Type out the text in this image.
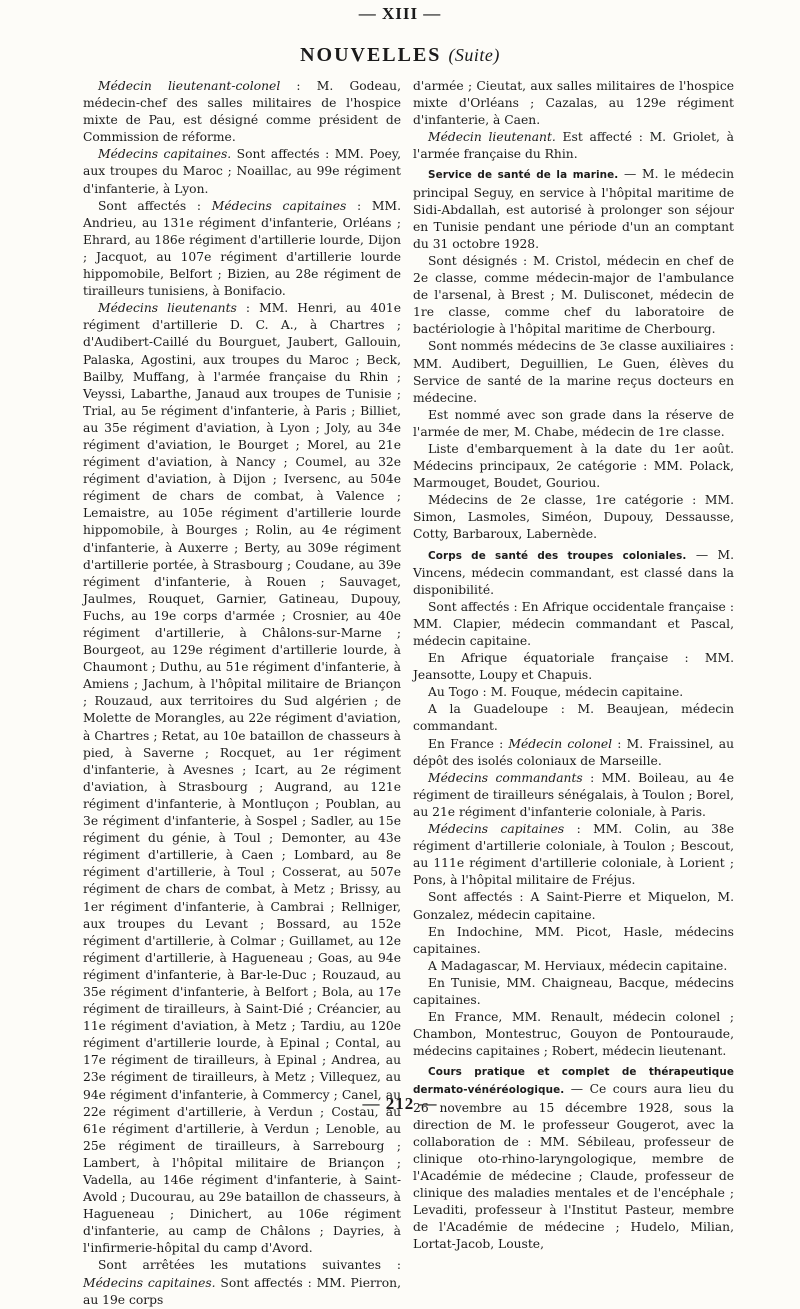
— XIII —
NOUVELLES (Suite)

Médecin lieutenant-colonel : M. Godeau, médecin-chef des salles militaires de l'hospice mixte de Pau, est désigné comme président de Commission de réforme.

Médecins capitaines. Sont affectés : MM. Poey, aux troupes du Maroc ; Noaillac, au 99e régiment d'infanterie, à Lyon.

Sont affectés : Médecins capitaines : MM. Andrieu, au 131e régiment d'infanterie, Orléans ; Ehrard, au 186e régiment d'artillerie lourde, Dijon ; Jacquot, au 107e régiment d'artillerie lourde hippomobile, Belfort ; Bizien, au 28e régiment de tirailleurs tunisiens, à Bonifacio.

Médecins lieutenants : MM. Henri, au 401e régiment d'artillerie D. C. A., à Chartres ; d'Audibert-Caillé du Bourguet, Jaubert, Gallouin, Palaska, Agostini, aux troupes du Maroc ; Beck, Bailby, Muffang, à l'armée française du Rhin ; Veyssi, Labarthe, Janaud aux troupes de Tunisie ; Trial, au 5e régiment d'infanterie, à Paris ; Billiet, au 35e régiment d'aviation, à Lyon ; Joly, au 34e régiment d'aviation, le Bourget ; Morel, au 21e régiment d'aviation, à Nancy ; Coumel, au 32e régiment d'aviation, à Dijon ; Iversenc, au 504e régiment de chars de combat, à Valence ; Lemaistre, au 105e régiment d'artillerie lourde hippomobile, à Bourges ; Rolin, au 4e régiment d'infanterie, à Auxerre ; Berty, au 309e régiment d'artillerie portée, à Strasbourg ; Coudane, au 39e régiment d'infanterie, à Rouen ; Sauvaget, Jaulmes, Rouquet, Garnier, Gatineau, Dupouy, Fuchs, au 19e corps d'armée ; Crosnier, au 40e régiment d'artillerie, à Châlons-sur-Marne ; Bourgeot, au 129e régiment d'artillerie lourde, à Chaumont ; Duthu, au 51e régiment d'infanterie, à Amiens ; Jachum, à l'hôpital militaire de Briançon ; Rouzaud, aux territoires du Sud algérien ; de Molette de Morangles, au 22e régiment d'aviation, à Chartres ; Retat, au 10e bataillon de chasseurs à pied, à Saverne ; Rocquet, au 1er régiment d'infanterie, à Avesnes ; Icart, au 2e régiment d'aviation, à Strasbourg ; Augrand, au 121e régiment d'infanterie, à Montluçon ; Poublan, au 3e régiment d'infanterie, à Sospel ; Sadler, au 15e régiment du génie, à Toul ; Demonter, au 43e régiment d'artillerie, à Caen ; Lombard, au 8e régiment d'artillerie, à Toul ; Cosserat, au 507e régiment de chars de combat, à Metz ; Brissy, au 1er régiment d'infanterie, à Cambrai ; Rellniger, aux troupes du Levant ; Bossard, au 152e régiment d'artillerie, à Colmar ; Guillamet, au 12e régiment d'artillerie, à Hagueneau ; Goas, au 94e régiment d'infanterie, à Bar-le-Duc ; Rouzaud, au 35e régiment d'infanterie, à Belfort ; Bola, au 17e régiment de tirailleurs, à Saint-Dié ; Créancier, au 11e régiment d'aviation, à Metz ; Tardiu, au 120e régiment d'artillerie lourde, à Epinal ; Contal, au 17e régiment de tirailleurs, à Epinal ; Andrea, au 23e régiment de tirailleurs, à Metz ; Villequez, au 94e régiment d'infanterie, à Commercy ; Canel, au 22e régiment d'artillerie, à Verdun ; Costau, au 61e régiment d'artillerie, à Verdun ; Lenoble, au 25e régiment de tirailleurs, à Sarrebourg ; Lambert, à l'hôpital militaire de Briançon ; Vadella, au 146e régiment d'infanterie, à Saint-Avold ; Ducourau, au 29e bataillon de chasseurs, à Hagueneau ; Dinichert, au 106e régiment d'infanterie, au camp de Châlons ; Dayries, à l'infirmerie-hôpital du camp d'Avord.

Sont arrêtées les mutations suivantes : Médecins capitaines. Sont affectés : MM. Pierron, au 19e corps

d'armée ; Cieutat, aux salles militaires de l'hospice mixte d'Orléans ; Cazalas, au 129e régiment d'infanterie, à Caen.

Médecin lieutenant. Est affecté : M. Griolet, à l'armée française du Rhin.

Service de santé de la marine. — M. le médecin principal Seguy, en service à l'hôpital maritime de Sidi-Abdallah, est autorisé à prolonger son séjour en Tunisie pendant une période d'un an comptant du 31 octobre 1928.

Sont désignés : M. Cristol, médecin en chef de 2e classe, comme médecin-major de l'ambulance de l'arsenal, à Brest ; M. Dulisconet, médecin de 1re classe, comme chef du laboratoire de bactériologie à l'hôpital maritime de Cherbourg.

Sont nommés médecins de 3e classe auxiliaires : MM. Audibert, Deguillien, Le Guen, élèves du Service de santé de la marine reçus docteurs en médecine.

Est nommé avec son grade dans la réserve de l'armée de mer, M. Chabe, médecin de 1re classe.

Liste d'embarquement à la date du 1er août. Médecins principaux, 2e catégorie : MM. Polack, Marmouget, Boudet, Gouriou.

Médecins de 2e classe, 1re catégorie : MM. Simon, Lasmoles, Siméon, Dupouy, Dessausse, Cotty, Barbaroux, Labernède.

Corps de santé des troupes coloniales. — M. Vincens, médecin commandant, est classé dans la disponibilité.

Sont affectés : En Afrique occidentale française : MM. Clapier, médecin commandant et Pascal, médecin capitaine.

En Afrique équatoriale française : MM. Jeansotte, Loupy et Chapuis.

Au Togo : M. Fouque, médecin capitaine.

A la Guadeloupe : M. Beaujean, médecin commandant.

En France : Médecin colonel : M. Fraissinel, au dépôt des isolés coloniaux de Marseille.

Médecins commandants : MM. Boileau, au 4e régiment de tirailleurs sénégalais, à Toulon ; Borel, au 21e régiment d'infanterie coloniale, à Paris.

Médecins capitaines : MM. Colin, au 38e régiment d'artillerie coloniale, à Toulon ; Bescout, au 111e régiment d'artillerie coloniale, à Lorient ; Pons, à l'hôpital militaire de Fréjus.

Sont affectés : A Saint-Pierre et Miquelon, M. Gonzalez, médecin capitaine.

En Indochine, MM. Picot, Hasle, médecins capitaines.

A Madagascar, M. Herviaux, médecin capitaine.

En Tunisie, MM. Chaigneau, Bacque, médecins capitaines.

En France, MM. Renault, médecin colonel ; Chambon, Montestruc, Gouyon de Pontouraude, médecins capitaines ; Robert, médecin lieutenant.

Cours pratique et complet de thérapeutique dermato-vénéréologique. — Ce cours aura lieu du 26 novembre au 15 décembre 1928, sous la direction de M. le professeur Gougerot, avec la collaboration de : MM. Sébileau, professeur de clinique oto-rhino-laryngologique, membre de l'Académie de médecine ; Claude, professeur de clinique des maladies mentales et de l'encéphale ; Levaditi, professeur à l'Institut Pasteur, membre de l'Académie de médecine ; Hudelo, Milian, Lortat-Jacob, Louste,

— 212 —
